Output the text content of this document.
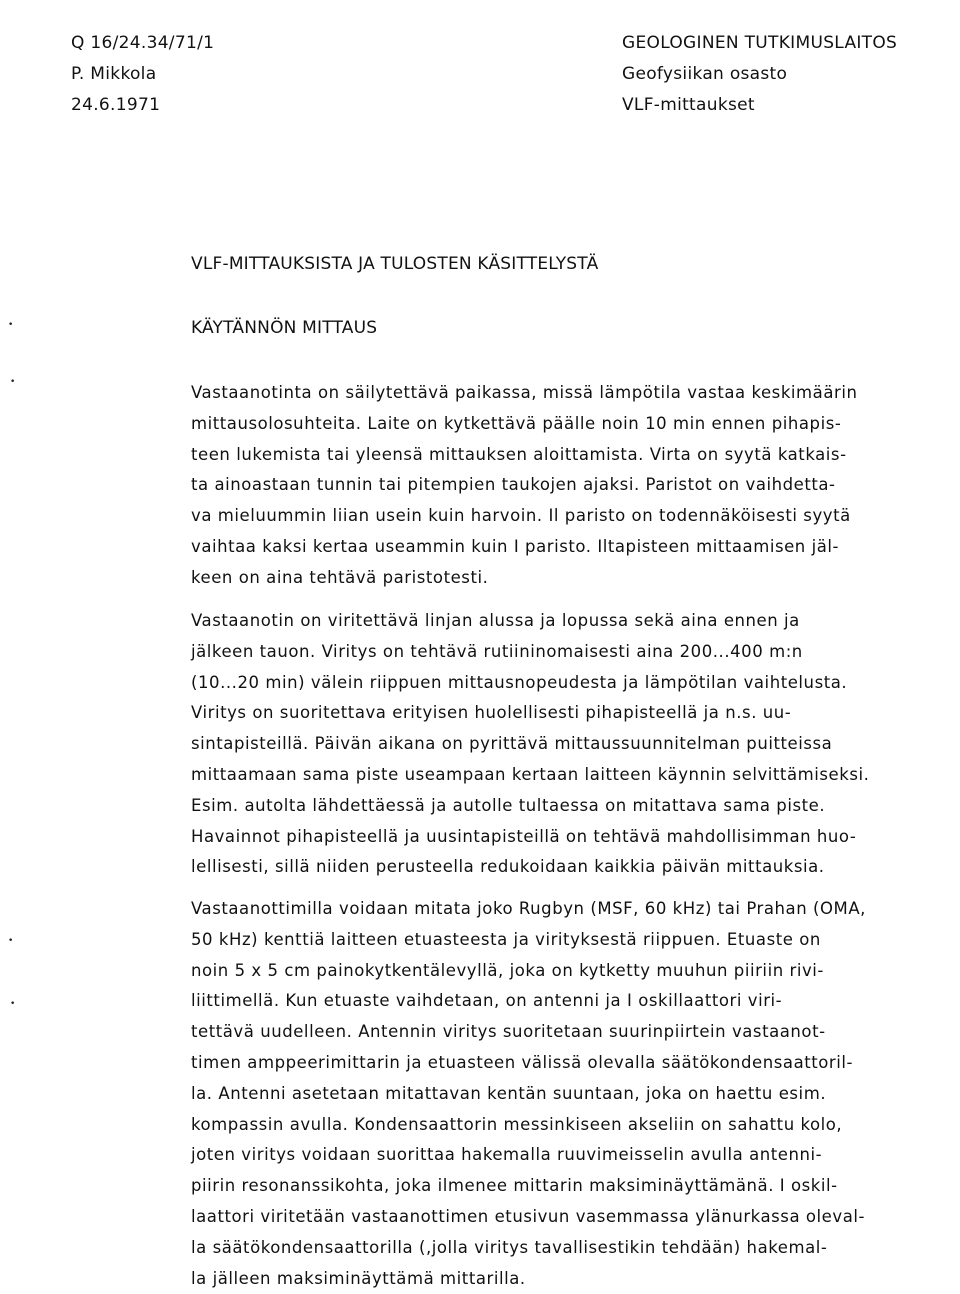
Q 16/24.34/71/1
P. Mikkola
24.6.1971
GEOLOGINEN TUTKIMUSLAITOS
Geofysiikan osasto
VLF-mittaukset
VLF-MITTAUKSISTA JA TULOSTEN KÄSITTELYSTÄ
KÄYTÄNNÖN MITTAUS
Vastaanotinta on säilytettävä paikassa, missä lämpötila vastaa keskimäärin
mittausolosuhteita. Laite on kytkettävä päälle noin 10 min ennen pihapis-
teen lukemista tai yleensä mittauksen aloittamista. Virta on syytä katkais-
ta ainoastaan tunnin tai pitempien taukojen ajaksi. Paristot on vaihdetta-
va mieluummin liian usein kuin harvoin. Il paristo on todennäköisesti syytä
vaihtaa kaksi kertaa useammin kuin I paristo. Iltapisteen mittaamisen jäl-
keen on aina tehtävä paristotesti.
Vastaanotin on viritettävä linjan alussa ja lopussa sekä aina ennen ja
jälkeen tauon. Viritys on tehtävä rutiininomaisesti aina 200...400 m:n
(10...20 min) välein riippuen mittausnopeudesta ja lämpötilan vaihtelusta.
Viritys on suoritettava erityisen huolellisesti pihapisteellä ja n.s. uu-
sintapisteillä. Päivän aikana on pyrittävä mittaussuunnitelman puitteissa
mittaamaan sama piste useampaan kertaan laitteen käynnin selvittämiseksi.
Esim. autolta lähdettäessä ja autolle tultaessa on mitattava sama piste.
Havainnot pihapisteellä ja uusintapisteillä on tehtävä mahdollisimman huo-
lellisesti, sillä niiden perusteella redukoidaan kaikkia päivän mittauksia.
Vastaanottimilla voidaan mitata joko Rugbyn (MSF, 60 kHz) tai Prahan (OMA,
50 kHz) kenttiä laitteen etuasteesta ja virityksestä riippuen. Etuaste on
noin 5 x 5 cm painokytkentälevyllä, joka on kytketty muuhun piiriin rivi-
liittimellä. Kun etuaste vaihdetaan, on antenni ja I oskillaattori viri-
tettävä uudelleen. Antennin viritys suoritetaan suurinpiirtein vastaanot-
timen amppeerimittarin ja etuasteen välissä olevalla säätökondensaattoril-
la. Antenni asetetaan mitattavan kentän suuntaan, joka on haettu esim.
kompassin avulla. Kondensaattorin messinkiseen akseliin on sahattu kolo,
joten viritys voidaan suorittaa hakemalla ruuvimeisselin avulla antenni-
piirin resonanssikohta, joka ilmenee mittarin maksiminäyttämänä. I oskil-
laattori viritetään vastaanottimen etusivun vasemmassa ylänurkassa oleval-
la säätökondensaattorilla (,jolla viritys tavallisestikin tehdään) hakemal-
la jälleen maksiminäyttämä mittarilla.
•
•
•
•
